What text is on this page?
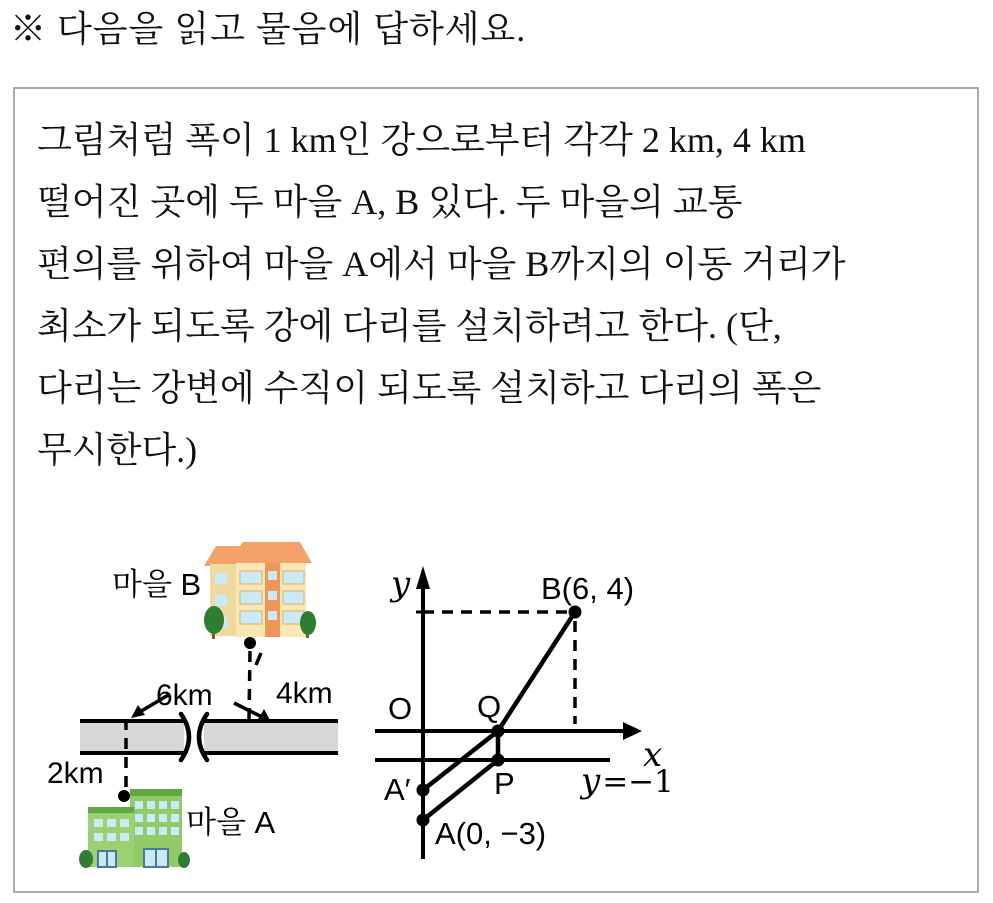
※ 다음을 읽고 물음에 답하세요.
그림처럼 폭이 1 km인 강으로부터 각각 2 km, 4 km
떨어진 곳에 두 마을 A, B 있다. 두 마을의 교통
편의를 위하여 마을 A에서 마을 B까지의 이동 거리가
최소가 되도록 강에 다리를 설치하려고 한다. (단,
다리는 강변에 수직이 되도록 설치하고 다리의 폭은
무시한다.)
마을 B
6km 4km
2km
마을 A
y
x
O
y=−1
B(6, 4)
Q
P
A′
A(0, −3)
